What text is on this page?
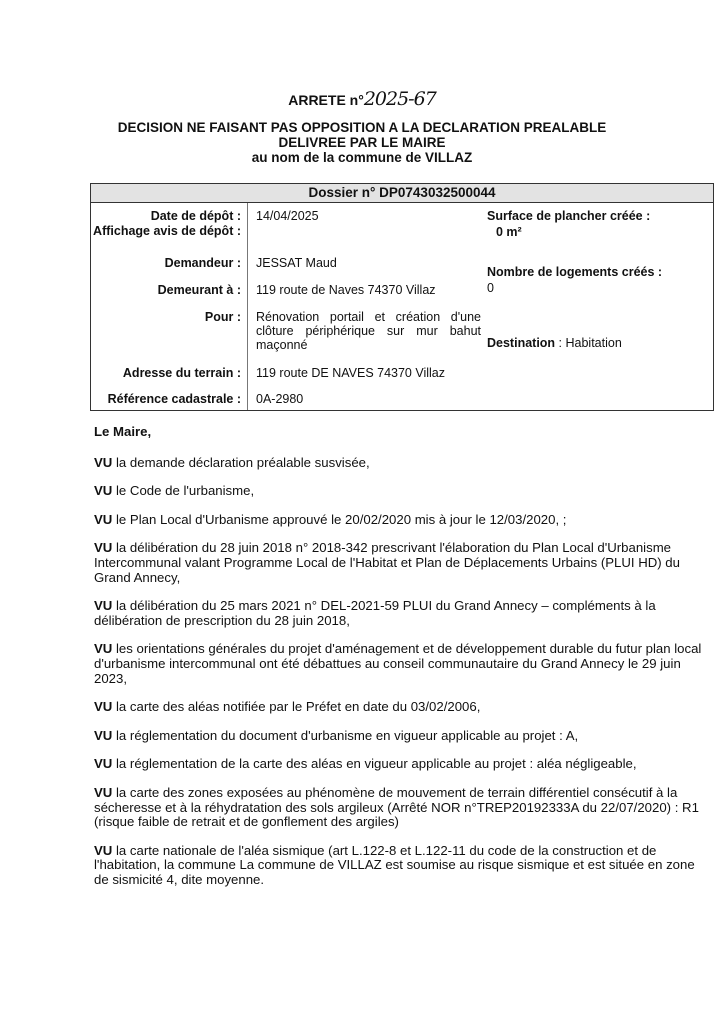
ARRETE n°2025-67
DECISION NE FAISANT PAS OPPOSITION A LA DECLARATION PREALABLE
DELIVREE PAR LE MAIRE
au nom de la commune de VILLAZ
Dossier n° DP0743032500044
Date de dépôt : 14/04/2025
Affichage avis de dépôt :
Demandeur : JESSAT Maud
Demeurant à : 119 route de Naves 74370 Villaz
Pour : Rénovation portail et création d'une clôture périphérique sur mur bahut maçonné
Adresse du terrain : 119 route DE NAVES 74370 Villaz
Référence cadastrale : 0A-2980
Surface de plancher créée :
0 m²
Nombre de logements créés :
0
Destination : Habitation
Le Maire,

VU la demande déclaration préalable susvisée,

VU le Code de l'urbanisme,

VU le Plan Local d'Urbanisme approuvé le 20/02/2020 mis à jour le 12/03/2020, ;

VU la délibération du 28 juin 2018 n° 2018-342 prescrivant l'élaboration du Plan Local d'Urbanisme Intercommunal valant Programme Local de l'Habitat et Plan de Déplacements Urbains (PLUI HD) du Grand Annecy,

VU la délibération du 25 mars 2021 n° DEL-2021-59 PLUI du Grand Annecy – compléments à la délibération de prescription du 28 juin 2018,

VU les orientations générales du projet d'aménagement et de développement durable du futur plan local d'urbanisme intercommunal ont été débattues au conseil communautaire du Grand Annecy le 29 juin 2023,

VU la carte des aléas notifiée par le Préfet en date du 03/02/2006,

VU la réglementation du document d'urbanisme en vigueur applicable au projet : A,

VU la réglementation de la carte des aléas en vigueur applicable au projet : aléa négligeable,

VU la carte des zones exposées au phénomène de mouvement de terrain différentiel consécutif à la sécheresse et à la réhydratation des sols argileux (Arrêté NOR n°TREP20192333A du 22/07/2020) : R1 (risque faible de retrait et de gonflement des argiles)

VU la carte nationale de l'aléa sismique (art L.122-8 et L.122-11 du code de la construction et de l'habitation, la commune La commune de VILLAZ est soumise au risque sismique et est située en zone de sismicité 4, dite moyenne.
